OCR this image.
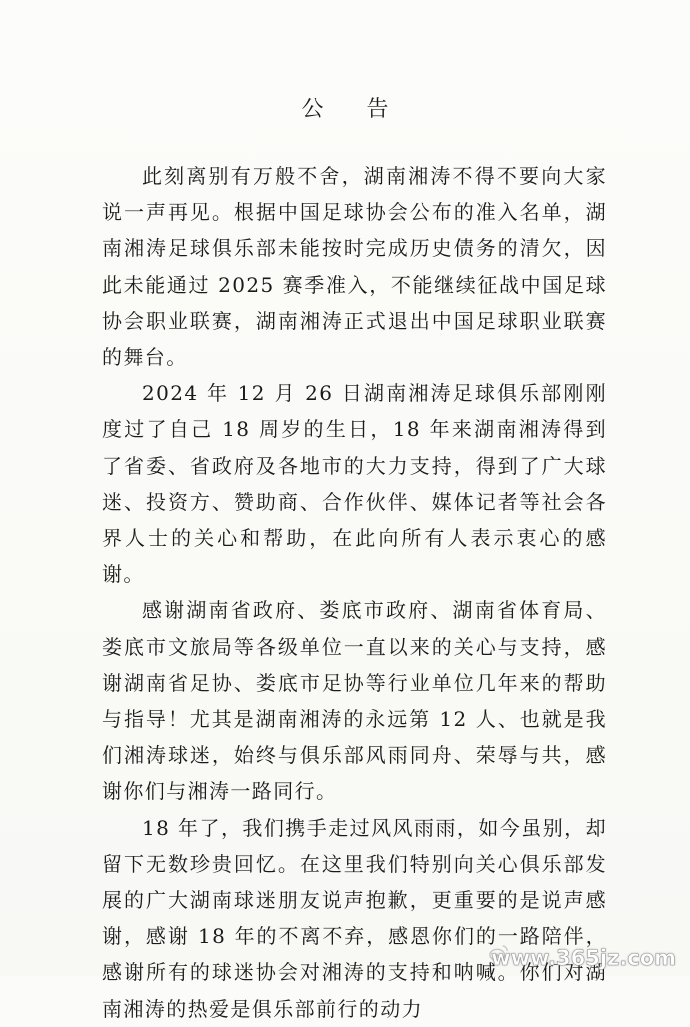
公 告

此刻离别有万般不舍，湖南湘涛不得不要向大家说一声再见。根据中国足球协会公布的准入名单，湖南湘涛足球俱乐部未能按时完成历史债务的清欠，因此未能通过 2025 赛季准入，不能继续征战中国足球协会职业联赛，湖南湘涛正式退出中国足球职业联赛的舞台。

2024 年 12 月 26 日湖南湘涛足球俱乐部刚刚度过了自己 18 周岁的生日，18 年来湖南湘涛得到了省委、省政府及各地市的大力支持，得到了广大球迷、投资方、赞助商、合作伙伴、媒体记者等社会各界人士的关心和帮助，在此向所有人表示衷心的感谢。

感谢湖南省政府、娄底市政府、湖南省体育局、娄底市文旅局等各级单位一直以来的关心与支持，感谢湖南省足协、娄底市足协等行业单位几年来的帮助与指导！尤其是湖南湘涛的永远第 12 人、也就是我们湘涛球迷，始终与俱乐部风雨同舟、荣辱与共，感谢你们与湘涛一路同行。

18 年了，我们携手走过风风雨雨，如今虽别，却留下无数珍贵回忆。在这里我们特别向关心俱乐部发展的广大湖南球迷朋友说声抱歉，更重要的是说声感谢，感谢 18 年的不离不弃，感恩你们的一路陪伴，感谢所有的球迷协会对湘涛的支持和呐喊。你们对湖南湘涛的热爱是俱乐部前行的动力

www.365jz.com
